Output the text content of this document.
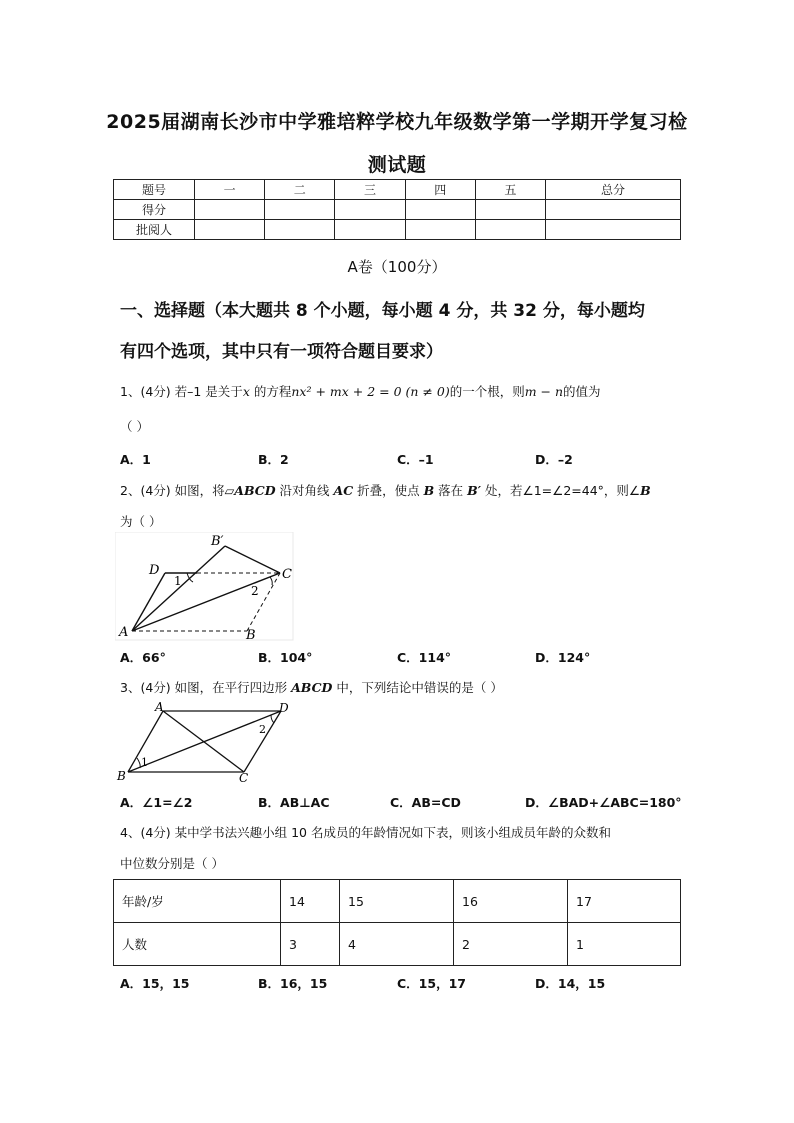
2025届湖南长沙市中学雅培粹学校九年级数学第一学期开学复习检
测试题
题号	一	二	三	四	五	总分
得分						
批阅人						
A卷（100分）
一、选择题（本大题共 8 个小题，每小题 4 分，共 32 分，每小题均
有四个选项，其中只有一项符合题目要求）
1、(4分) 若–1 是关于x 的方程nx² + mx + 2 = 0 (n ≠ 0)的一个根，则m − n的值为
（ ）
A．1	B．2	C．–1	D．–2
2、(4分) 如图，将▱ABCD 沿对角线 AC 折叠，使点 B 落在 B′ 处，若∠1=∠2=44°，则∠B
为（ ）
D
B′
C
A	B
1
2
A．66°	B．104°	C．114°	D．124°
3、(4分) 如图，在平行四边形 ABCD 中，下列结论中错误的是（ ）
A	D
B	C
1
2
A．∠1=∠2	B．AB⊥AC	C．AB=CD	D．∠BAD+∠ABC=180°
4、(4分) 某中学书法兴趣小组 10 名成员的年龄情况如下表，则该小组成员年龄的众数和
中位数分别是（ ）
年龄/岁	14	15	16	17
人数	3	4	2	1
A．15，15	B．16，15	C．15，17	D．14，15
